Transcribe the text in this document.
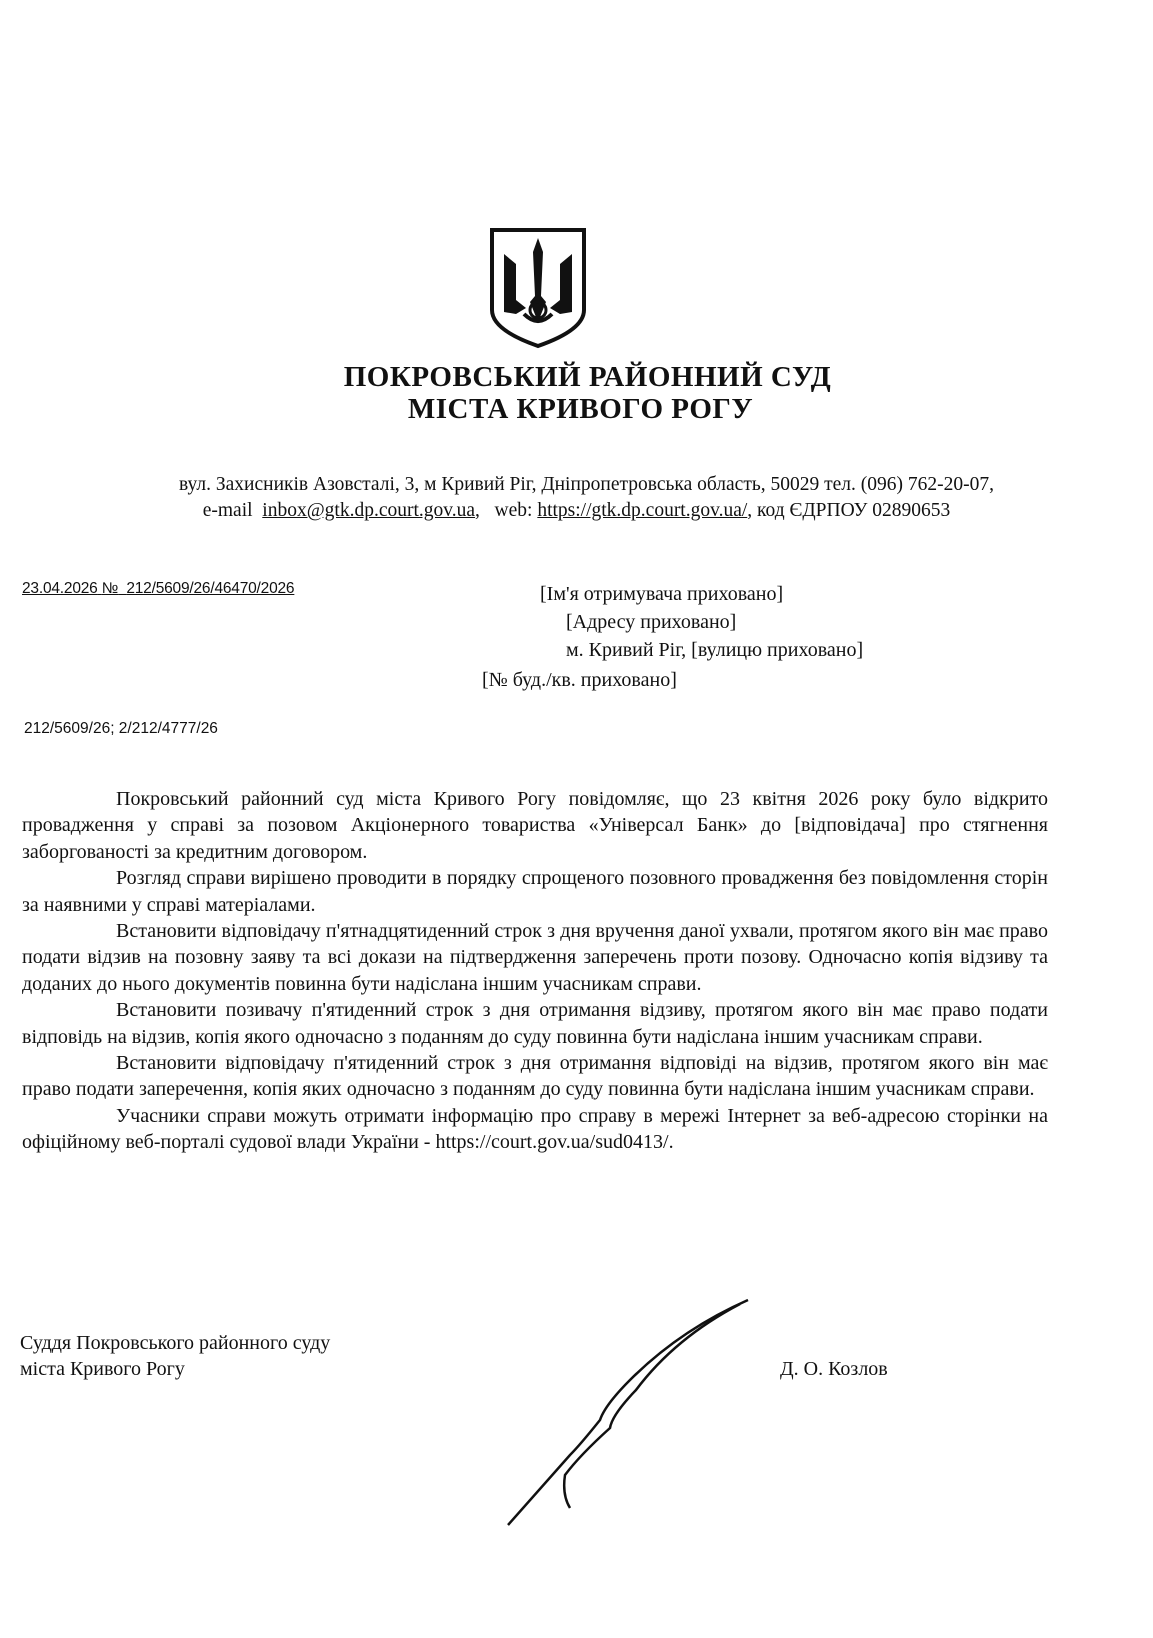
ПОКРОВСЬКИЙ РАЙОННИЙ СУД
МІСТА КРИВОГО РОГУ
вул. Захисників Азовсталі, 3, м Кривий Ріг, Дніпропетровська область, 50029 тел. (096) 762-20-07,
e-mail inbox@gtk.dp.court.gov.ua,   web: https://gtk.dp.court.gov.ua/, код ЄДРПОУ 02890653
23.04.2026 № 212/5609/26/46470/2026	[Ім'я отримувача приховано]
[Адресу приховано]
м. Кривий Ріг, [вулицю приховано]
[№ буд./кв. приховано]
212/5609/26; 2/212/4777/26

Покровський районний суд міста Кривого Рогу повідомляє, що 23 квітня 2026 року було відкрито провадження у справі за позовом Акціонерного товариства «Універсал Банк» до [відповідача] про стягнення заборгованості за кредитним договором.

Розгляд справи вирішено проводити в порядку спрощеного позовного провадження без повідомлення сторін за наявними у справі матеріалами.

Встановити відповідачу п'ятнадцятиденний строк з дня вручення даної ухвали, протягом якого він має право подати відзив на позовну заяву та всі докази на підтвердження заперечень проти позову. Одночасно копія відзиву та доданих до нього документів повинна бути надіслана іншим учасникам справи.

Встановити позивачу п'ятиденний строк з дня отримання відзиву, протягом якого він має право подати відповідь на відзив, копія якого одночасно з поданням до суду повинна бути надіслана іншим учасникам справи.

Встановити відповідачу п'ятиденний строк з дня отримання відповіді на відзив, протягом якого він має право подати заперечення, копія яких одночасно з поданням до суду повинна бути надіслана іншим учасникам справи.

Учасники справи можуть отримати інформацію про справу в мережі Інтернет за веб-адресою сторінки на офіційному веб-порталі судової влади України - https://court.gov.ua/sud0413/.

Суддя Покровського районного суду
міста Кривого Рогу	Д. О. Козлов
